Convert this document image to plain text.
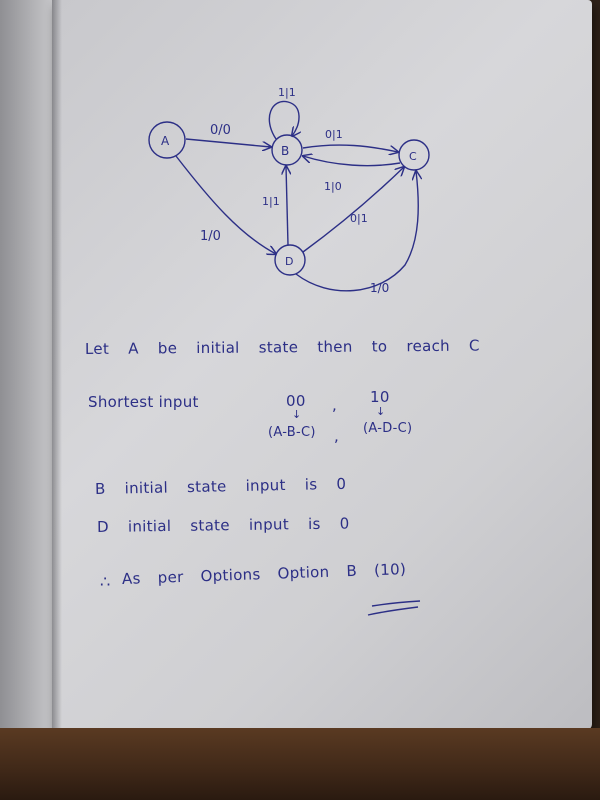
A
B	C
D
1|1
0/0	0|1
1|0
1|1
1/0
0|1
1/0
Let A be initial state then to reach C
Shortest input	00 , 10
↓	↓
(A-B-C) , (A-D-C)
B initial state input is 0
D initial state input is 0
∴ As per Options Option B (10)
